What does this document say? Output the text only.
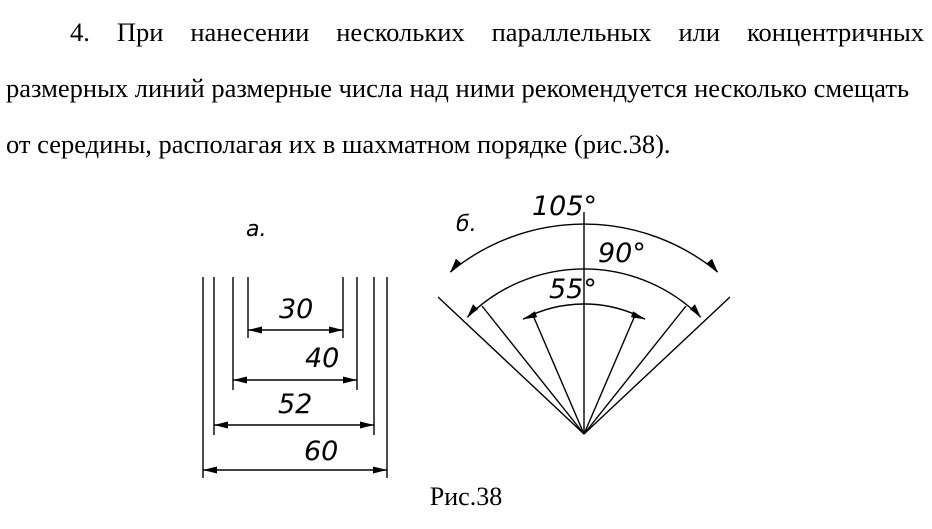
4. При нанесении нескольких параллельных или концентричных
размерных линий размерные числа над ними рекомендуется несколько смещать
от середины, располагая их в шахматном порядке (рис.38).
а.
30
40
52
60
б.
105°
90°
55°
Рис.38
